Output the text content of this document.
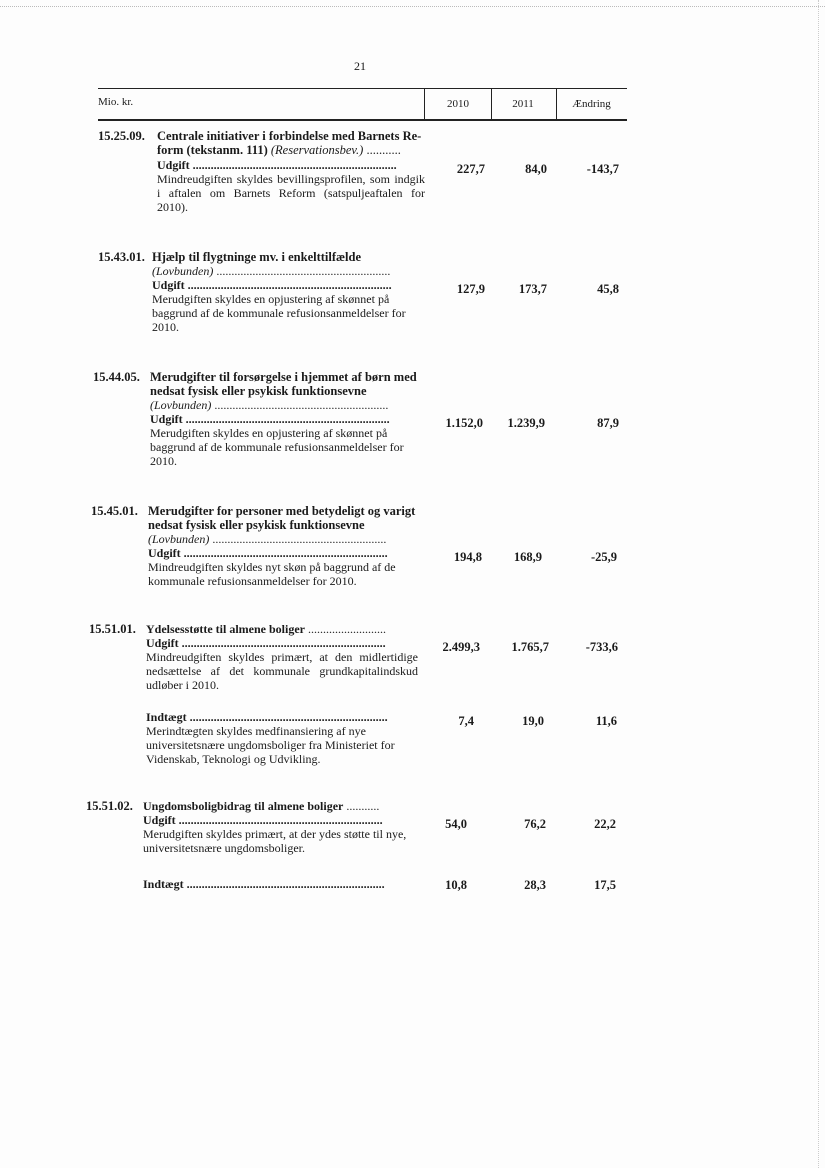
21
Mio. kr.	2010	2011	Ændring
15.25.09. Centrale initiativer i forbindelse med Barnets Re-
form (tekstanm. 111) (Reservationsbev.) ...........
Udgift ....................................................................
Mindreudgiften skyldes bevillingsprofilen, som indgik i aftalen om Barnets Reform (satspuljeaftalen for 2010).
227,7	84,0	-143,7
15.43.01. Hjælp til flygtninge mv. i enkelttilfælde
(Lovbunden) ..........................................................
Udgift ....................................................................
Merudgiften skyldes en opjustering af skønnet på baggrund af de kommunale refusionsanmeldelser for 2010.
127,9	173,7	45,8
15.44.05. Merudgifter til forsørgelse i hjemmet af børn med nedsat fysisk eller psykisk funktionsevne
(Lovbunden) ..........................................................
Udgift ....................................................................
Merudgiften skyldes en opjustering af skønnet på baggrund af de kommunale refusionsanmeldelser for 2010.
1.152,0	1.239,9	87,9
15.45.01. Merudgifter for personer med betydeligt og varigt nedsat fysisk eller psykisk funktionsevne
(Lovbunden) ..........................................................
Udgift ....................................................................
Mindreudgiften skyldes nyt skøn på baggrund af de kommunale refusionsanmeldelser for 2010.
194,8	168,9	-25,9
15.51.01. Ydelsesstøtte til almene boliger ..........................
Udgift ....................................................................
Mindreudgiften skyldes primært, at den midlertidige nedsættelse af det kommunale grundkapitalindskud udløber i 2010.
2.499,3	1.765,7	-733,6
Indtægt ..................................................................
Merindtægten skyldes medfinansiering af nye universitetsnære ungdomsboliger fra Ministeriet for Videnskab, Teknologi og Udvikling.
7,4	19,0	11,6
15.51.02. Ungdomsboligbidrag til almene boliger ...........
Udgift ....................................................................
Merudgiften skyldes primært, at der ydes støtte til nye, universitetsnære ungdomsboliger.
54,0	76,2	22,2
Indtægt ..................................................................	10,8	28,3	17,5
